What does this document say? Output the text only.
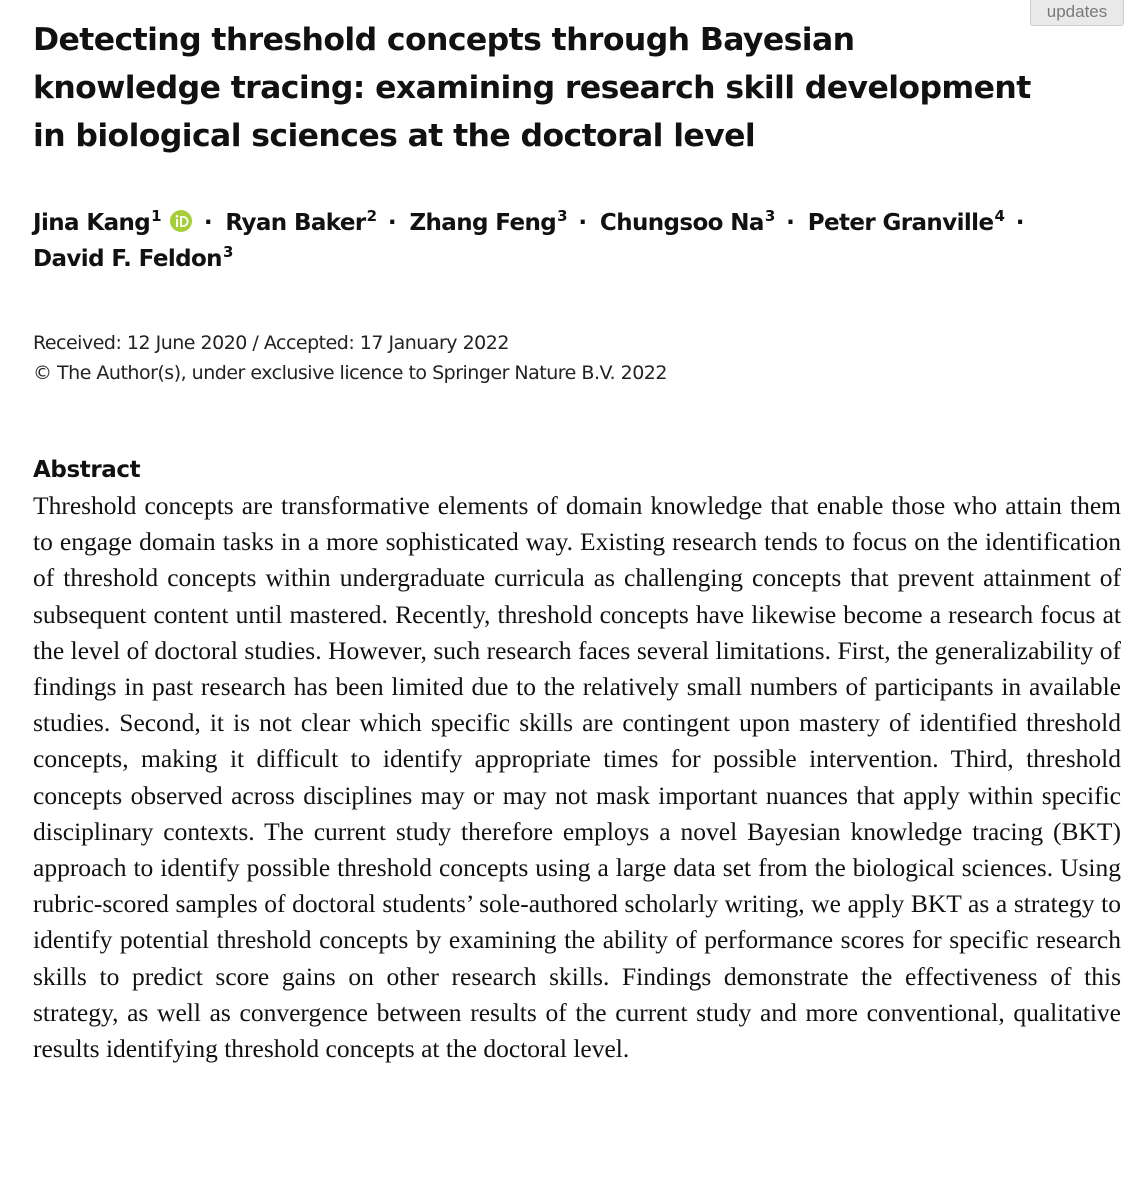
updates
Detecting threshold concepts through Bayesian knowledge tracing: examining research skill development in biological sciences at the doctoral level
Jina Kang$^1$ · Ryan Baker$^2$ · Zhang Feng$^3$ · Chungsoo $Na^3$ · Peter Granville$^4$ ·
David F. Feldon$^3$
Received: 12 June 2020 / Accepted: 17 January 2022
© The Author(s), under exclusive licence to Springer Nature B.V. 2022
Abstract

Threshold concepts are transformative elements of domain knowledge that enable those who attain them to engage domain tasks in a more sophisticated way. Existing research tends to focus on the identification of threshold concepts within undergraduate curricula as challenging concepts that prevent attainment of subsequent content until mastered. Recently, threshold concepts have likewise become a research focus at the level of doctoral studies. However, such research faces several limitations. First, the generalizability of findings in past research has been limited due to the relatively small numbers of participants in available studies. Second, it is not clear which specific skills are contingent upon mastery of identified threshold concepts, making it difficult to identify appropriate times for possible intervention. Third, threshold concepts observed across disciplines may or may not mask important nuances that apply within specific disciplinary contexts. The current study therefore employs a novel Bayesian knowledge tracing (BKT) approach to identify possible threshold concepts using a large data set from the biological sciences. Using rubric-scored samples of doctoral students’ sole-authored scholarly writing, we apply BKT as a strategy to identify potential threshold concepts by examining the ability of performance scores for specific research skills to predict score gains on other research skills. Findings demonstrate the effectiveness of this strategy, as well as convergence between results of the current study and more conventional, qualitative results identifying threshold concepts at the doctoral level.
